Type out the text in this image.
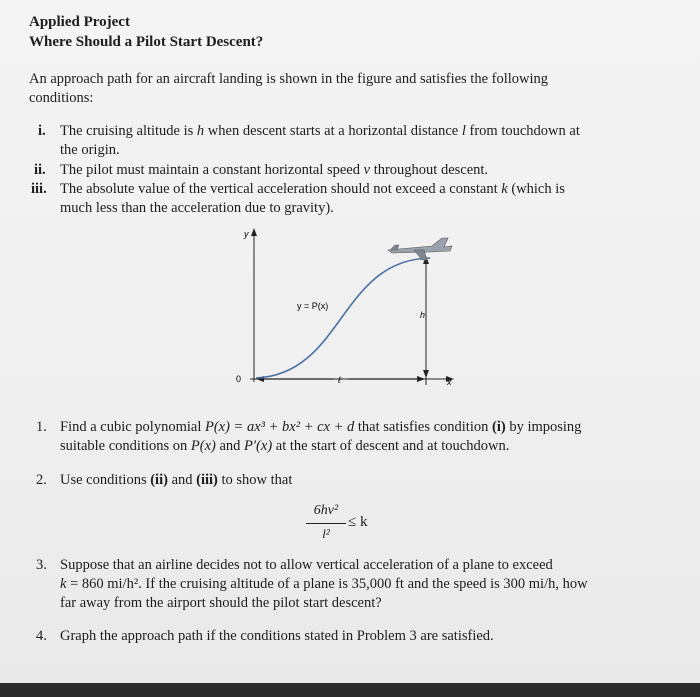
Applied Project
Where Should a Pilot Start Descent?
An approach path for an aircraft landing is shown in the figure and satisfies the following
conditions:
i. The cruising altitude is h when descent starts at a horizontal distance l from touchdown at
the origin.
ii. The pilot must maintain a constant horizontal speed v throughout descent.
iii. The absolute value of the vertical acceleration should not exceed a constant k (which is
much less than the acceleration due to gravity).
y
x
0
h
ℓ
y = P(x)
1. Find a cubic polynomial P(x) = ax³ + bx² + cx + d that satisfies condition (i) by imposing
suitable conditions on P(x) and P′(x) at the start of descent and at touchdown.
2. Use conditions (ii) and (iii) to show that
6hv²
l²
≤ k
3. Suppose that an airline decides not to allow vertical acceleration of a plane to exceed
k = 860 mi/h². If the cruising altitude of a plane is 35,000 ft and the speed is 300 mi/h, how
far away from the airport should the pilot start descent?
4. Graph the approach path if the conditions stated in Problem 3 are satisfied.
